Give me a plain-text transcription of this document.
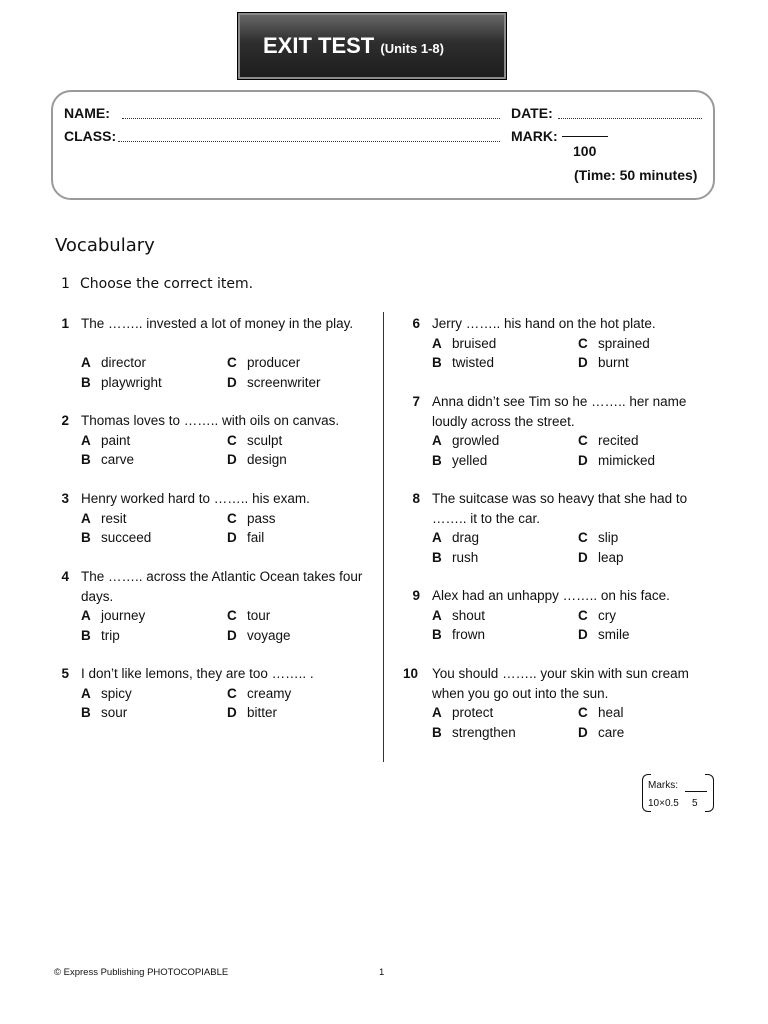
EXIT TEST (Units 1-8)
NAME:	DATE:
CLASS:	MARK:
100
(Time: 50 minutes)
Vocabulary
1 Choose the correct item.
1 The …….. invested a lot of money in the play.
A director	C producer
B playwright	D screenwriter
2 Thomas loves to …….. with oils on canvas.
A paint	C sculpt
B carve	D design
3 Henry worked hard to …….. his exam.
A resit	C pass
B succeed	D fail
4 The …….. across the Atlantic Ocean takes four days.
A journey	C tour
B trip	D voyage
5 I don’t like lemons, they are too …….. .
A spicy	C creamy
B sour	D bitter
6 Jerry …….. his hand on the hot plate.
A bruised	C sprained
B twisted	D burnt
7 Anna didn’t see Tim so he …….. her name loudly across the street.
A growled	C recited
B yelled	D mimicked
8 The suitcase was so heavy that she had to …….. it to the car.
A drag	C slip
B rush	D leap
9 Alex had an unhappy …….. on his face.
A shout	C cry
B frown	D smile
10 You should …….. your skin with sun cream when you go out into the sun.
A protect	C heal
B strengthen	D care
Marks:
10×0.5 5
© Express Publishing PHOTOCOPIABLE	1
